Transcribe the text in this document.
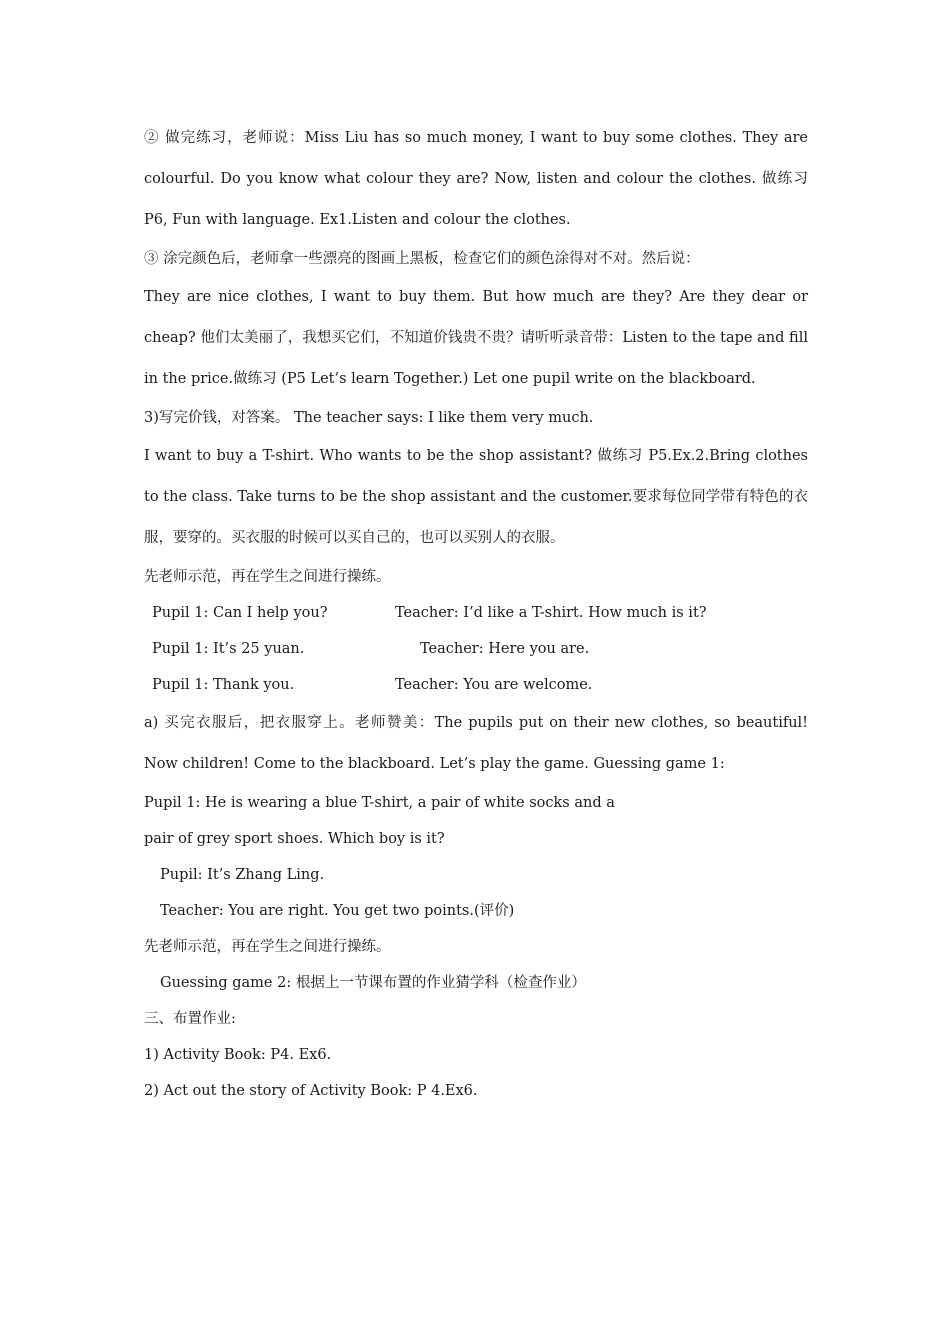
② 做完练习，老师说：Miss Liu has so much money, I want to buy some clothes. They are colourful. Do you know what colour they are? Now, listen and colour the clothes. 做练习P6, Fun with language. Ex1.Listen and colour the clothes.

③ 涂完颜色后，老师拿一些漂亮的图画上黑板，检查它们的颜色涂得对不对。然后说：

They are nice clothes, I want to buy them. But how much are they? Are they dear or cheap? 他们太美丽了，我想买它们，不知道价钱贵不贵？请听听录音带：Listen to the tape and fill in the price.做练习 (P5 Let’s learn Together.) Let one pupil write on the blackboard.

3)写完价钱，对答案。 The teacher says: I like them very much.

I want to buy a T-shirt. Who wants to be the shop assistant? 做练习 P5.Ex.2.Bring clothes to the class. Take turns to be the shop assistant and the customer.要求每位同学带有特色的衣服，要穿的。买衣服的时候可以买自己的，也可以买别人的衣服。

先老师示范，再在学生之间进行操练。

Pupil 1: Can I help you?	Teacher: I’d like a T-shirt. How much is it?
Pupil 1: It’s 25 yuan.	Teacher: Here you are.
Pupil 1: Thank you.	Teacher: You are welcome.

a) 买完衣服后，把衣服穿上。老师赞美：The pupils put on their new clothes, so beautiful! Now children! Come to the blackboard. Let’s play the game. Guessing game 1:

Pupil 1: He is wearing a blue T-shirt, a pair of white socks and a

pair of grey sport shoes. Which boy is it?

Pupil: It’s Zhang Ling.

Teacher: You are right. You get two points.(评价)

先老师示范，再在学生之间进行操练。

Guessing game 2: 根据上一节课布置的作业猜学科（检查作业）

三、布置作业:

1) Activity Book: P4. Ex6.

2) Act out the story of Activity Book: P 4.Ex6.
